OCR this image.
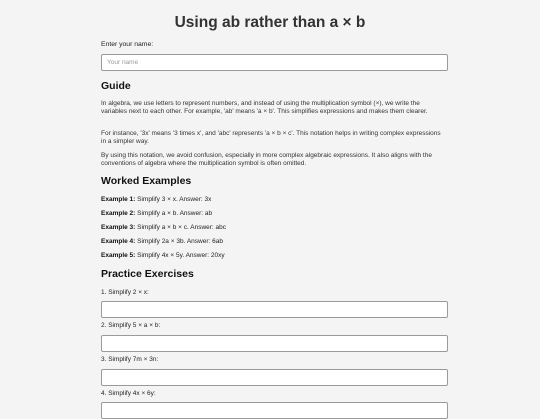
Using ab rather than a × b
Enter your name:
Your name
Guide

In algebra, we use letters to represent numbers, and instead of using the multiplication symbol (×), we write the variables next to each other. For example, 'ab' means 'a × b'. This simplifies expressions and makes them clearer.

For instance, '3x' means '3 times x', and 'abc' represents 'a × b × c'. This notation helps in writing complex expressions in a simpler way.

By using this notation, we avoid confusion, especially in more complex algebraic expressions. It also aligns with the conventions of algebra where the multiplication symbol is often omitted.

Worked Examples

Example 1: Simplify 3 × x. Answer: 3x

Example 2: Simplify a × b. Answer: ab

Example 3: Simplify a × b × c. Answer: abc

Example 4: Simplify 2a × 3b. Answer: 6ab

Example 5: Simplify 4x × 5y. Answer: 20xy

Practice Exercises

1. Simplify 2 × x:

2. Simplify 5 × a × b:

3. Simplify 7m × 3n:

4. Simplify 4x × 6y:
